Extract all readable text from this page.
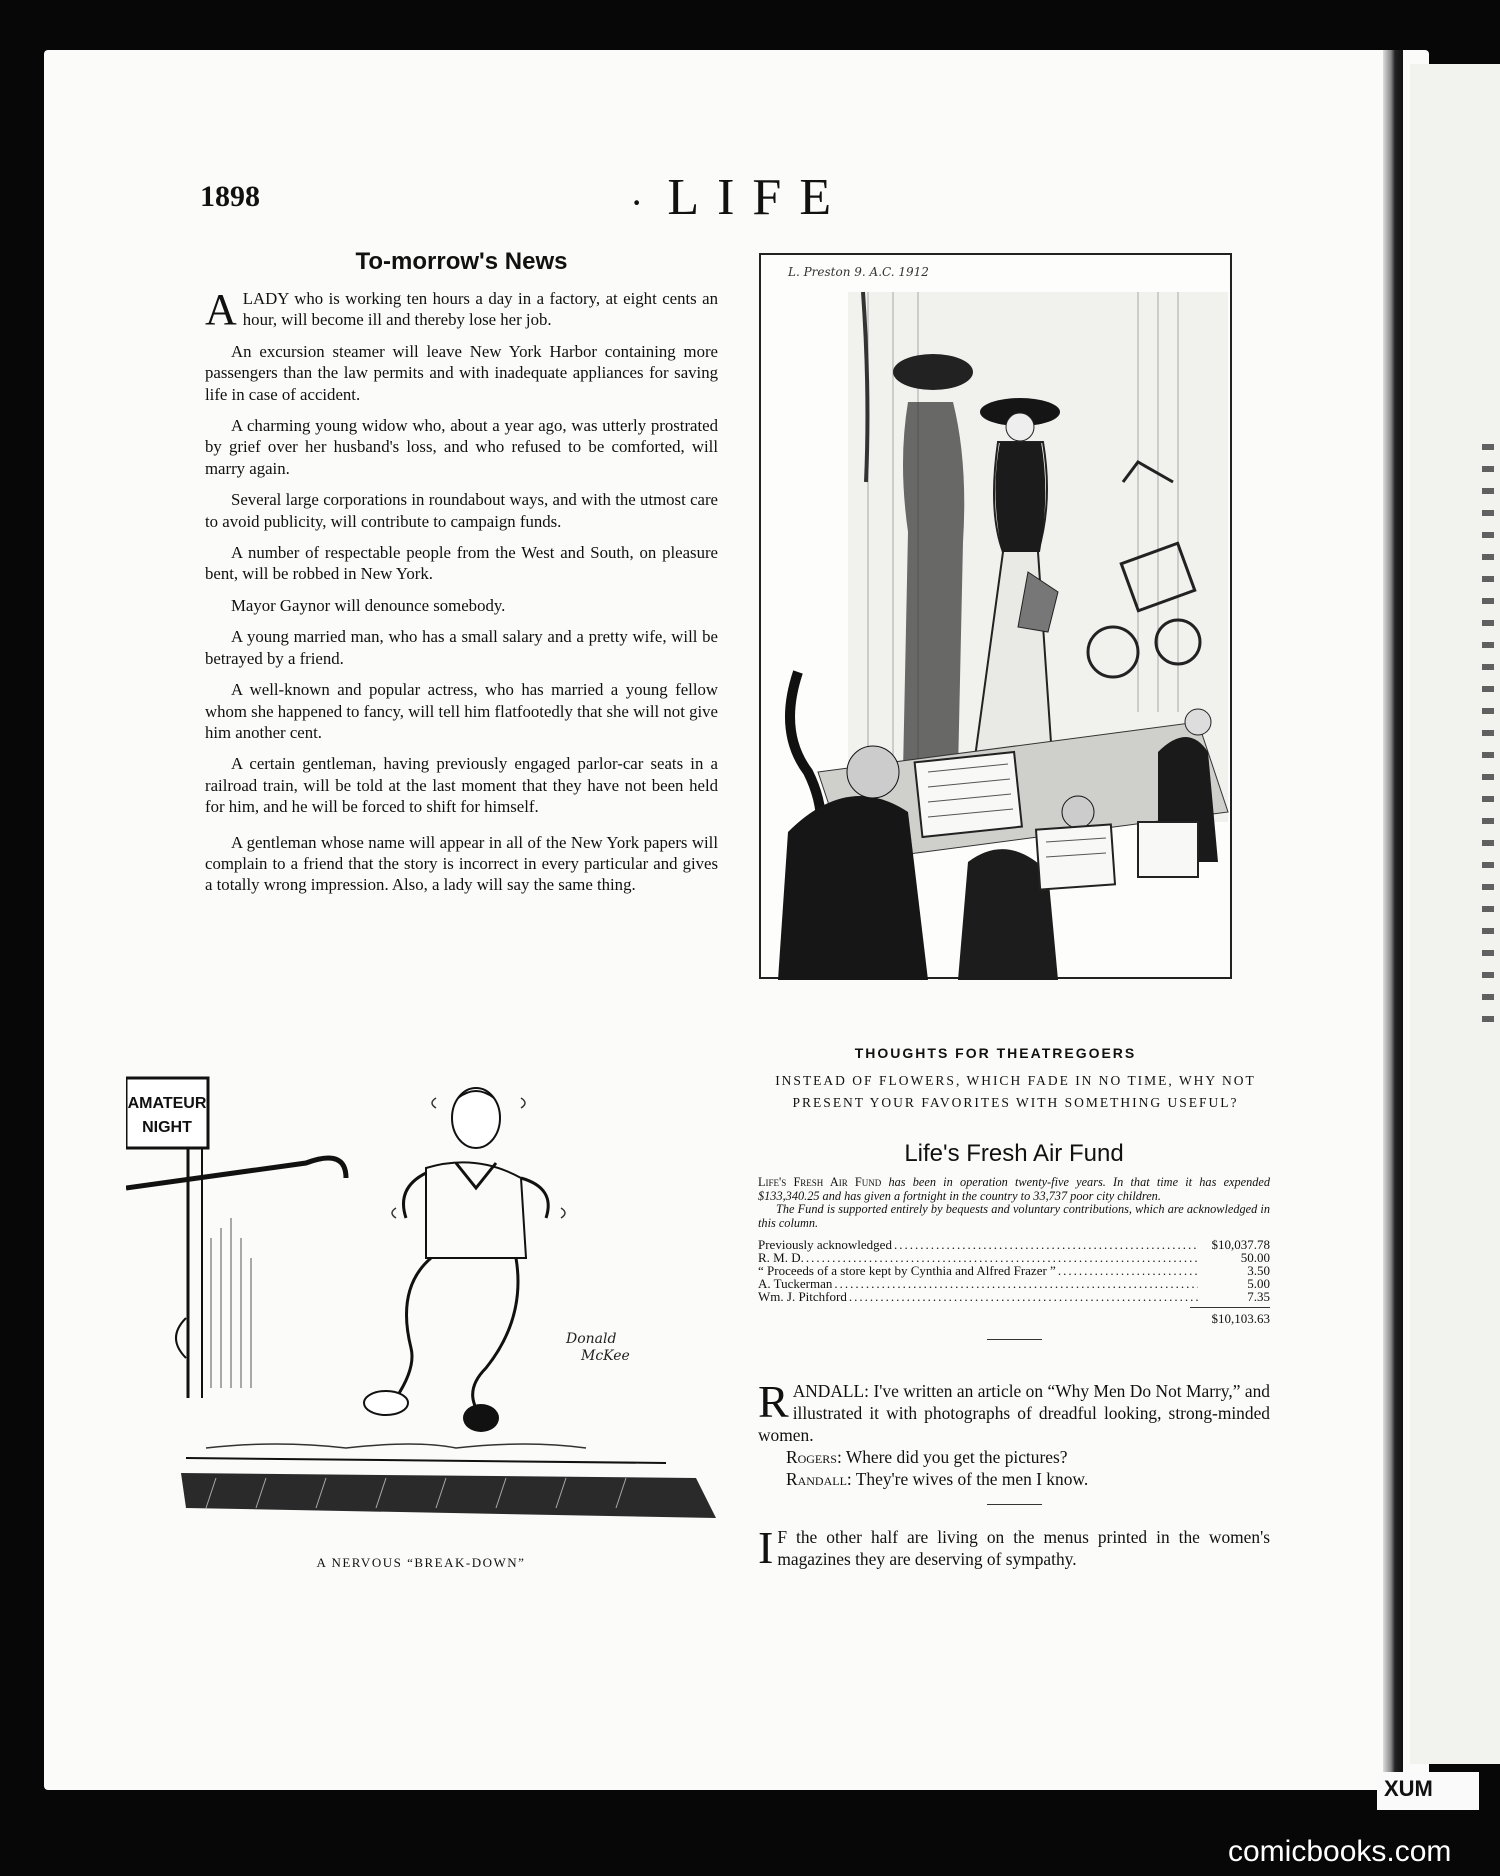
1898	· LIFE
To-morrow's News

A LADY who is working ten hours a day in a factory, at eight cents an hour, will become ill and thereby lose her job.

An excursion steamer will leave New York Harbor containing more passengers than the law permits and with inadequate appliances for saving life in case of accident.

A charming young widow who, about a year ago, was utterly prostrated by grief over her husband's loss, and who refused to be comforted, will marry again.

Several large corporations in roundabout ways, and with the utmost care to avoid publicity, will contribute to campaign funds.

A number of respectable people from the West and South, on pleasure bent, will be robbed in New York.

Mayor Gaynor will denounce somebody.

A young married man, who has a small salary and a pretty wife, will be betrayed by a friend.

A well-known and popular actress, who has married a young fellow whom she happened to fancy, will tell him flatfootedly that she will not give him another cent.

A certain gentleman, having previously engaged parlor-car seats in a railroad train, will be told at the last moment that they have not been held for him, and he will be forced to shift for himself.

A gentleman whose name will appear in all of the New York papers will complain to a friend that the story is incorrect in every particular and gives a totally wrong impression. Also, a lady will say the same thing.

L. Preston 9. A.C. 1912
THOUGHTS FOR THEATREGOERS
INSTEAD OF FLOWERS, WHICH FADE IN NO TIME, WHY NOT PRESENT YOUR FAVORITES WITH SOMETHING USEFUL?
Life's Fresh Air Fund

Life's Fresh Air Fund has been in operation twenty-five years. In that time it has expended $133,340.25 and has given a fortnight in the country to 33,737 poor city children.

The Fund is supported entirely by bequests and voluntary contributions, which are acknowledged in this column.

Previously acknowledged .....	$10,037.78
R. M. D. .....	50.00
“ Proceeds of a store kept by Cynthia and Alfred Frazer ” .....	3.50
A. Tuckerman .....	5.00
Wm. J. Pitchford .....	7.35
$10,103.63

RANDALL: I've written an article on “Why Men Do Not Marry,” and illustrated it with photographs of dreadful looking, strong-minded women.

Rogers: Where did you get the pictures?

Randall: They're wives of the men I know.

I F the other half are living on the menus printed in the women's magazines they are deserving of sympathy.

AMATEUR
NIGHT
Donald
McKee
A NERVOUS “BREAK-DOWN”
XUM
comicbooks.com
